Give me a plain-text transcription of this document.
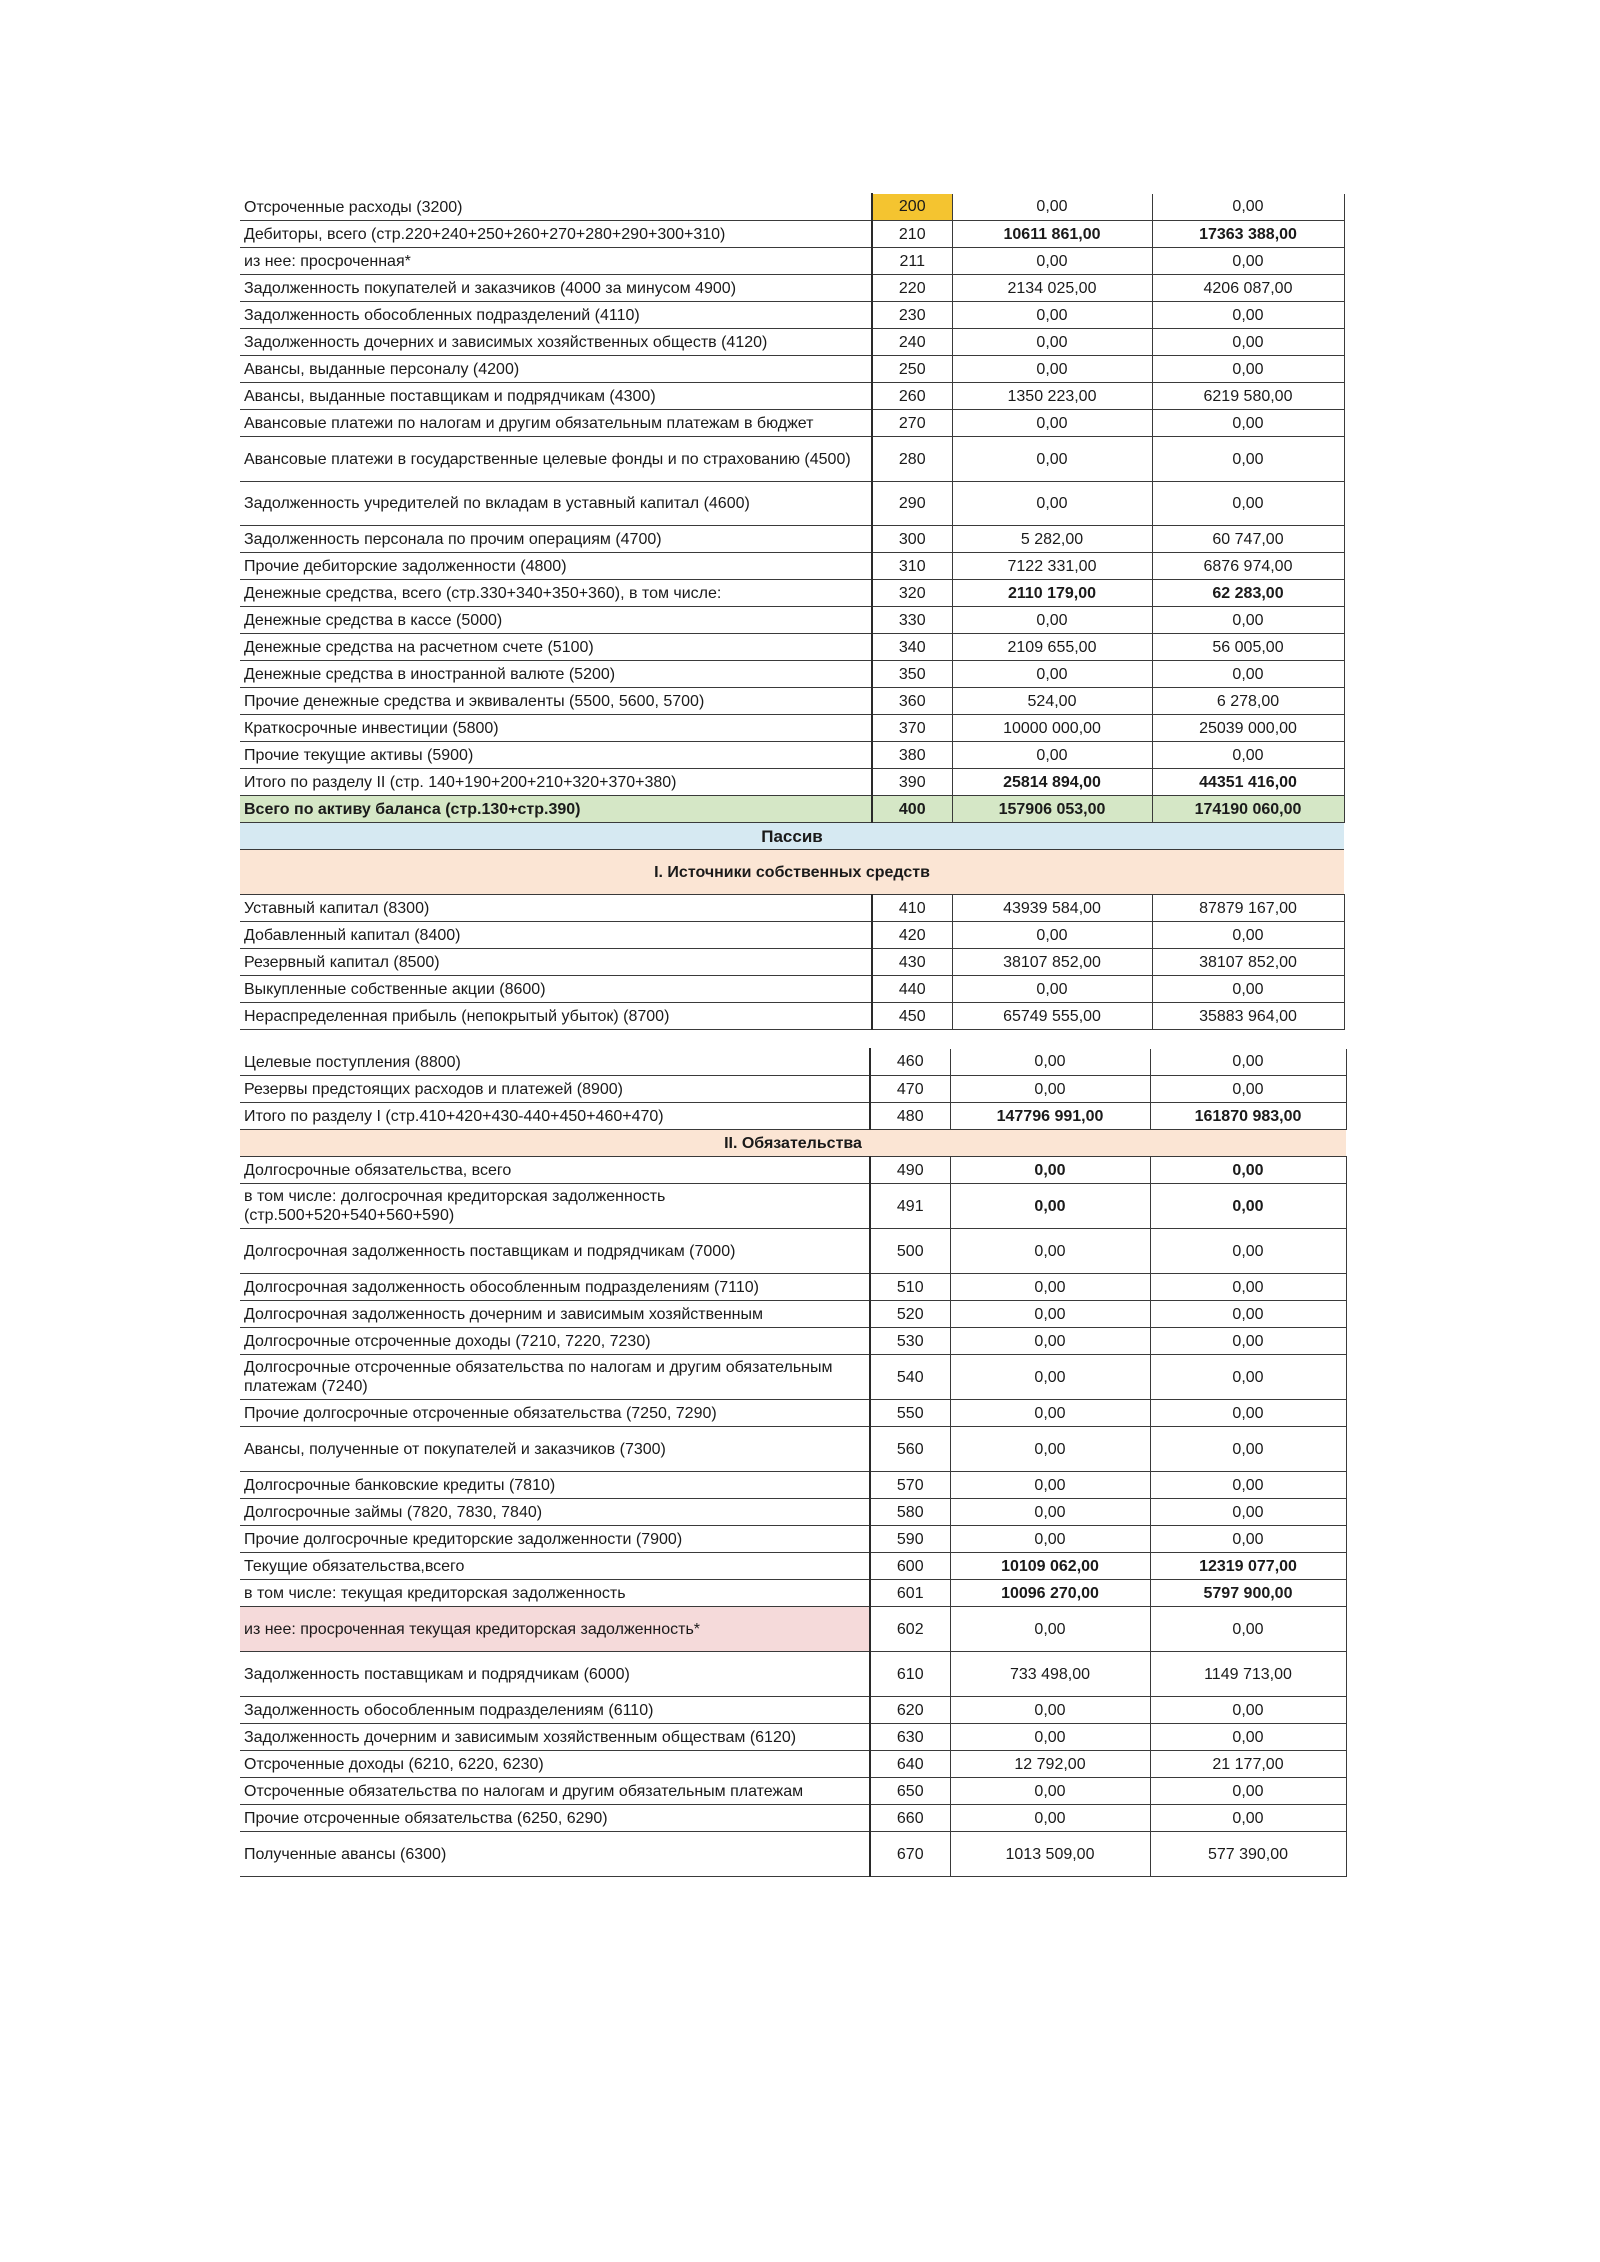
Отсроченные расходы (3200)	200	0,00	0,00
Дебиторы, всего (стр.220+240+250+260+270+280+290+300+310)	210	10611 861,00	17363 388,00
из нее: просроченная*	211	0,00	0,00
Задолженность покупателей и заказчиков (4000 за минусом 4900)	220	2134 025,00	4206 087,00
Задолженность обособленных подразделений (4110)	230	0,00	0,00
Задолженность дочерних и зависимых хозяйственных обществ (4120)	240	0,00	0,00
Авансы, выданные персоналу (4200)	250	0,00	0,00
Авансы, выданные поставщикам и подрядчикам (4300)	260	1350 223,00	6219 580,00
Авансовые платежи по налогам и другим обязательным платежам в бюджет	270	0,00	0,00
Авансовые платежи в государственные целевые фонды и по страхованию (4500)	280	0,00	0,00
Задолженность учредителей по вкладам в уставный капитал (4600)	290	0,00	0,00
Задолженность персонала по прочим операциям (4700)	300	5 282,00	60 747,00
Прочие дебиторские задолженности (4800)	310	7122 331,00	6876 974,00
Денежные средства, всего (стр.330+340+350+360), в том числе:	320	2110 179,00	62 283,00
Денежные средства в кассе (5000)	330	0,00	0,00
Денежные средства на расчетном счете (5100)	340	2109 655,00	56 005,00
Денежные средства в иностранной валюте (5200)	350	0,00	0,00
Прочие денежные средства и эквиваленты (5500, 5600, 5700)	360	524,00	6 278,00
Краткосрочные инвестиции (5800)	370	10000 000,00	25039 000,00
Прочие текущие активы (5900)	380	0,00	0,00
Итого по разделу II (стр. 140+190+200+210+320+370+380)	390	25814 894,00	44351 416,00
Всего по активу баланса (стр.130+стр.390)	400	157906 053,00	174190 060,00
Пассив			
I. Источники собственных средств			
Уставный капитал (8300)	410	43939 584,00	87879 167,00
Добавленный капитал (8400)	420	0,00	0,00
Резервный капитал (8500)	430	38107 852,00	38107 852,00
Выкупленные собственные акции (8600)	440	0,00	0,00
Нераспределенная прибыль (непокрытый убыток) (8700)	450	65749 555,00	35883 964,00
Целевые поступления (8800)	460	0,00	0,00
Резервы предстоящих расходов и платежей (8900)	470	0,00	0,00
Итого по разделу I (стр.410+420+430-440+450+460+470)	480	147796 991,00	161870 983,00
II. Обязательства			
Долгосрочные обязательства, всего	490	0,00	0,00
в том числе: долгосрочная кредиторская задолженность (стр.500+520+540+560+590)	491	0,00	0,00
Долгосрочная задолженность поставщикам и подрядчикам (7000)	500	0,00	0,00
Долгосрочная задолженность обособленным подразделениям (7110)	510	0,00	0,00
Долгосрочная задолженность дочерним и зависимым хозяйственным	520	0,00	0,00
Долгосрочные отсроченные доходы (7210, 7220, 7230)	530	0,00	0,00
Долгосрочные отсроченные обязательства по налогам и другим обязательным платежам (7240)	540	0,00	0,00
Прочие долгосрочные отсроченные обязательства (7250, 7290)	550	0,00	0,00
Авансы, полученные от покупателей и заказчиков (7300)	560	0,00	0,00
Долгосрочные банковские кредиты (7810)	570	0,00	0,00
Долгосрочные займы (7820, 7830, 7840)	580	0,00	0,00
Прочие долгосрочные кредиторские задолженности (7900)	590	0,00	0,00
Текущие обязательства,всего	600	10109 062,00	12319 077,00
в том числе: текущая кредиторская задолженность	601	10096 270,00	5797 900,00
из нее: просроченная текущая кредиторская задолженность*	602	0,00	0,00
Задолженность поставщикам и подрядчикам (6000)	610	733 498,00	1149 713,00
Задолженность обособленным подразделениям (6110)	620	0,00	0,00
Задолженность дочерним и зависимым хозяйственным обществам (6120)	630	0,00	0,00
Отсроченные доходы (6210, 6220, 6230)	640	12 792,00	21 177,00
Отсроченные обязательства по налогам и другим обязательным платежам	650	0,00	0,00
Прочие отсроченные обязательства (6250, 6290)	660	0,00	0,00
Полученные авансы (6300)	670	1013 509,00	577 390,00
